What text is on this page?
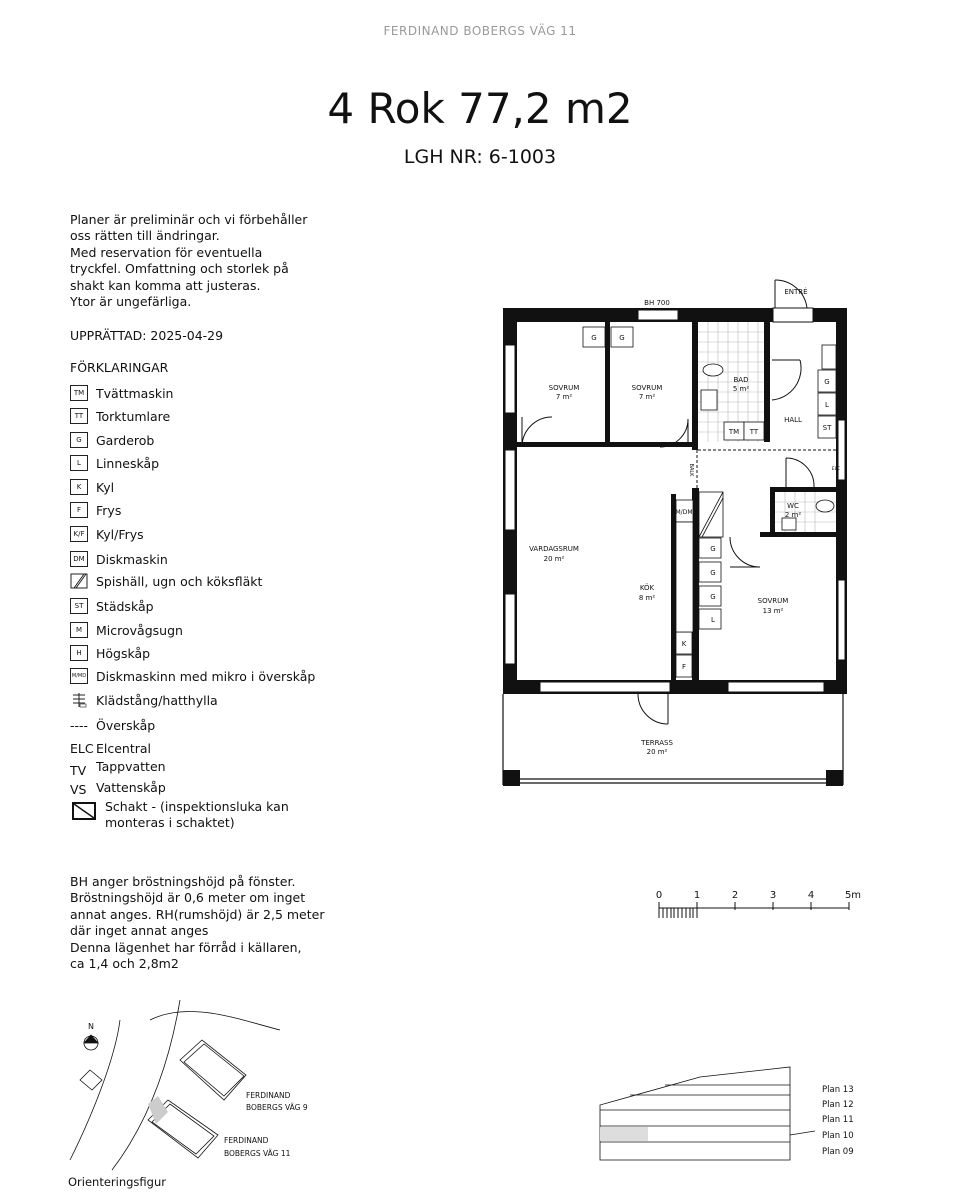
FERDINAND BOBERGS VÄG 11
4 Rok 77,2 m2
LGH NR: 6-1003
Planer är preliminär och vi förbehåller
oss rätten till ändringar.
Med reservation för eventuella
tryckfel. Omfattning och storlek på
shakt kan komma att justeras.
Ytor är ungefärliga.
UPPRÄTTAD: 2025-04-29
FÖRKLARINGAR
TM Tvättmaskin
TT	Torktumlare
G	Garderob
L	Linneskåp
K	Kyl
F	Frys
K/F Kyl/Frys
DM Diskmaskin
Spishäll, ugn och köksfläkt
ST	Städskåp
M	Microvågsugn
H	Högskåp
M/MD Diskmaskinn med mikro i överskåp
Klädstång/hatthylla
---- Överskåp
ELC Elcentral
TV Tappvatten
VS Vattenskåp
Schakt - (inspektionsluka kan
monteras i schaktet)
BH anger bröstningshöjd på fönster.
Bröstningshöjd är 0,6 meter om inget
annat anges. RH(rumshöjd) är 2,5 meter
där inget annat anges
Denna lägenhet har förråd i källaren,
ca 1,4 och 2,8m2
G	G
TM TT
G
L
ST
K
F
G
G
G
L
M/DM
ELC
BH 700
ENTRÉ
BALK
SOVRUM
7 m²
SOVRUM
7 m²
BAD
5 m²
HALL
VARDAGSRUM
20 m²
KÖK
8 m²	SOVRUM
13 m²
WC
2 m²
TERRASS
20 m²
0	1	2	3	4	5m
N
FERDINAND
BOBERGS VÄG 9
FERDINAND
BOBERGS VÄG 11
Plan 13
Plan 12
Plan 11
Plan 10
Plan 09
Orienteringsfigur
